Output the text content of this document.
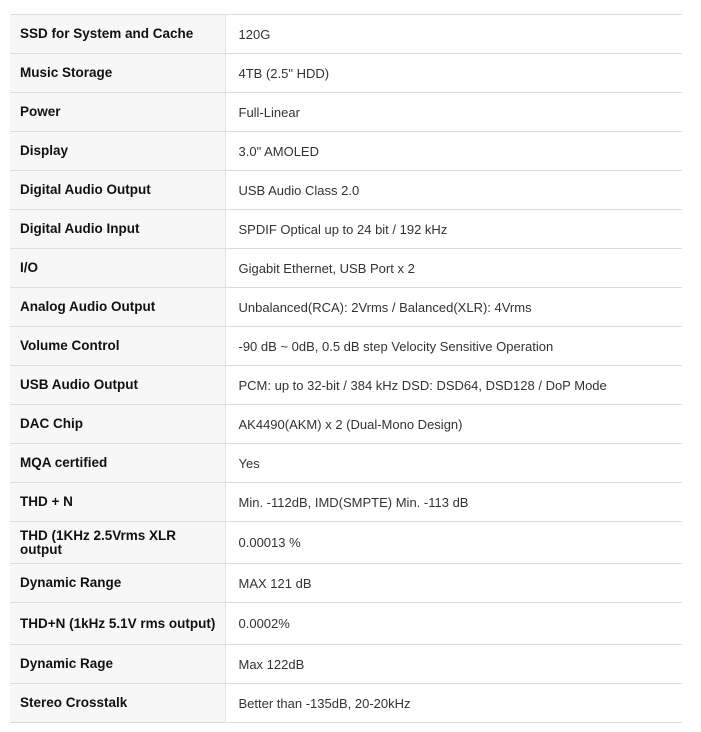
SSD for System and Cache	120G
Music Storage	4TB (2.5" HDD)
Power	Full-Linear
Display	3.0" AMOLED
Digital Audio Output	USB Audio Class 2.0
Digital Audio Input	SPDIF Optical up to 24 bit / 192 kHz
I/O	Gigabit Ethernet, USB Port x 2
Analog Audio Output	Unbalanced(RCA): 2Vrms / Balanced(XLR): 4Vrms
Volume Control	-90 dB ~ 0dB, 0.5 dB step Velocity Sensitive Operation
USB Audio Output	PCM: up to 32-bit / 384 kHz DSD: DSD64, DSD128 / DoP Mode
DAC Chip	AK4490(AKM) x 2 (Dual-Mono Design)
MQA certified	Yes
THD + N	Min. -112dB, IMD(SMPTE) Min. -113 dB
THD (1KHz 2.5Vrms XLR output	0.00013 %
Dynamic Range	MAX 121 dB
THD+N (1kHz 5.1V rms output)	0.0002%
Dynamic Rage	Max 122dB
Stereo Crosstalk	Better than -135dB, 20-20kHz
